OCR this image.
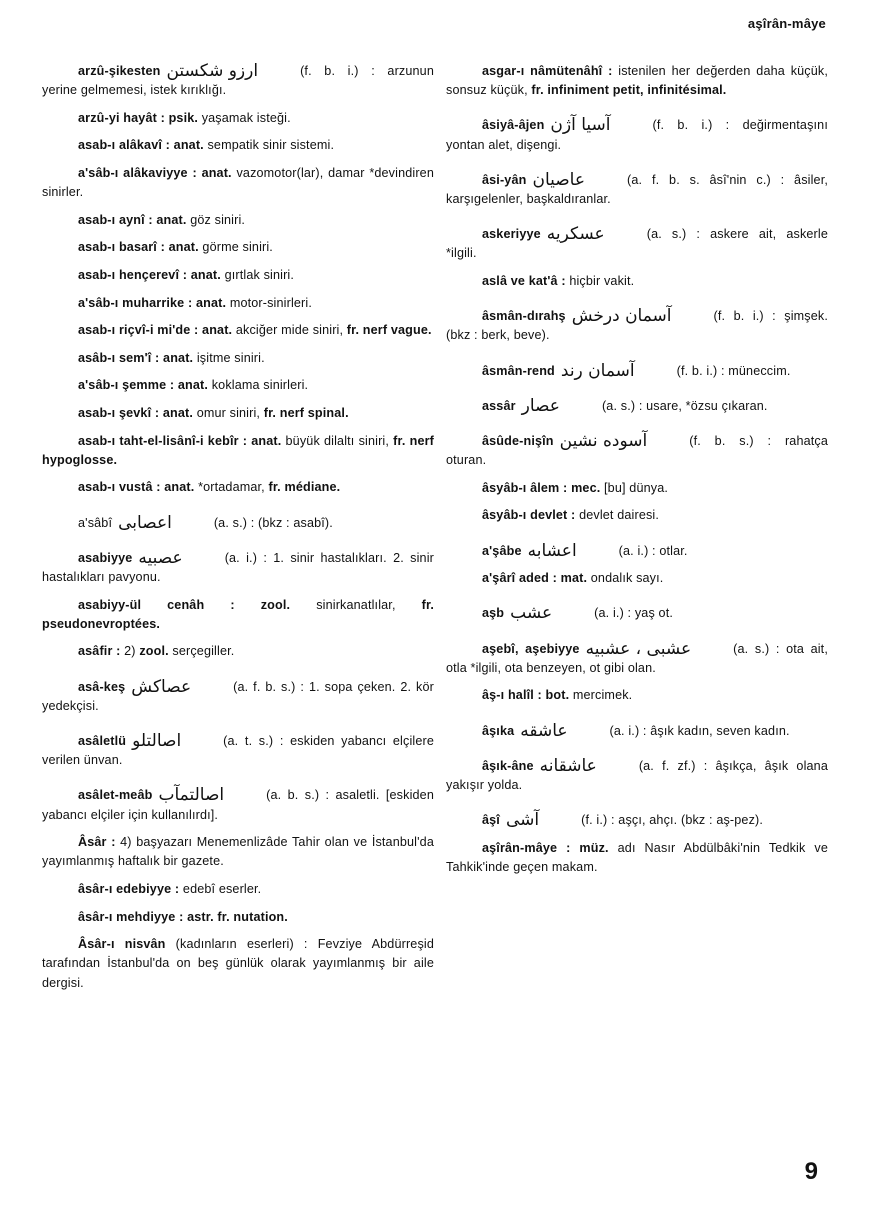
aşîrân-mâye

arzû-şikesten ارزو شكستن	(f. b. i.) : arzunun yerine gelmemesi, istek kırıklığı.

arzû-yi hayât : psik. yaşamak isteği.

asab-ı alâkavî : anat. sempatik sinir sistemi.

a'sâb-ı alâkaviyye : anat. vazomotor(lar), damar *devindiren sinirler.

asab-ı aynî : anat. göz siniri.

asab-ı basarî : anat. görme siniri.

asab-ı hençerevî : anat. gırtlak siniri.

a'sâb-ı muharrike : anat. motor-sinirleri.

asab-ı riçvî-i mi'de : anat. akciğer mide siniri, fr. nerf vague.

asâb-ı sem'î : anat. işitme siniri.

a'sâb-ı şemme : anat. koklama sinirleri.

asab-ı şevkî : anat. omur siniri, fr. nerf spinal.

asab-ı taht-el-lisânî-i kebîr : anat. büyük dilaltı siniri, fr. nerf hypoglosse.

asab-ı vustâ : anat. *ortadamar, fr. médiane.

a'sâbî اعصابى	(a. s.) : (bkz : asabî).

asabiyye عصبيه	(a. i.) : 1. sinir hastalıkları. 2. sinir hastalıkları pavyonu.

asabiyy-ül cenâh : zool. sinirkanatlılar, fr. pseudonevroptées.

asâfir : 2) zool. serçegiller.

asâ-keş عصاكش	(a. f. b. s.) : 1. sopa çeken. 2. kör yedekçisi.

asâletlü اصالتلو	(a. t. s.) : eskiden yabancı elçilere verilen ünvan.

asâlet-meâb اصالتمآب	(a. b. s.) : asaletli. [eskiden yabancı elçiler için kullanılırdı].

Âsâr : 4) başyazarı Menemenlizâde Tahir olan ve İstanbul'da yayımlanmış haftalık bir gazete.

âsâr-ı edebiyye : edebî eserler.

âsâr-ı mehdiyye : astr. fr. nutation.

Âsâr-ı nisvân (kadınların eserleri) : Fevziye Abdürreşid tarafından İstanbul'da on beş günlük olarak yayımlanmış bir aile dergisi.

asgar-ı nâmütenâhî : istenilen her değerden daha küçük, sonsuz küçük, fr. infiniment petit, infinitésimal.

âsiyâ-âjen آسيا آژن	(f. b. i.) : değirmentaşını yontan alet, dişengi.

âsi-yân عاصيان	(a. f. b. s. âsî'nin c.) : âsiler, karşıgelenler, başkaldıranlar.

askeriyye عسكريه	(a. s.) : askere ait, askerle *ilgili.

aslâ ve kat'â : hiçbir vakit.

âsmân-dırahş آسمان درخش	(f. b. i.) : şimşek. (bkz : berk, beve).

âsmân-rend آسمان رند	(f. b. i.) : müneccim.

assâr عصار	(a. s.) : usare, *özsu çıkaran.

âsûde-nişîn آسوده نشين	(f. b. s.) : rahatça oturan.

âsyâb-ı âlem : mec. [bu] dünya.

âsyâb-ı devlet : devlet dairesi.

a'şâbe اعشابه	(a. i.) : otlar.

a'şârî aded : mat. ondalık sayı.

aşb عشب	(a. i.) : yaş ot.

aşebî, aşebiyye عشبى ، عشبيه	(a. s.) : ota ait, otla *ilgili, ota benzeyen, ot gibi olan.

âş-ı halîl : bot. mercimek.

âşıka عاشقه	(a. i.) : âşık kadın, seven kadın.

âşık-âne عاشقانه	(a. f. zf.) : âşıkça, âşık olana yakışır yolda.

âşî آشى	(f. i.) : aşçı, ahçı. (bkz : aş-pez).

aşîrân-mâye : müz. adı Nasır Abdülbâki'nin Tedkik ve Tahkik'inde geçen makam.

9
